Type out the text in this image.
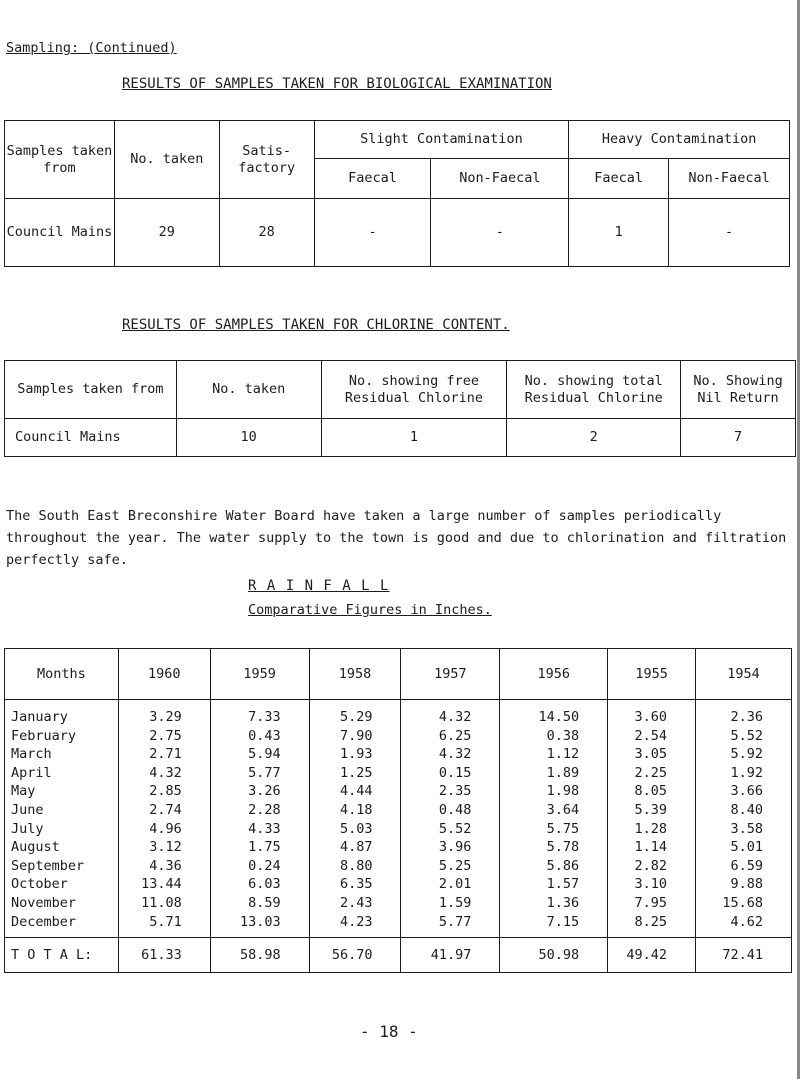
Sampling: (Continued)
RESULTS OF SAMPLES TAKEN FOR BIOLOGICAL EXAMINATION
Samples taken from	No. taken	Satis- factory	Slight Contamination		Heavy Contamination	
			Faecal	Non-Faecal	Faecal	Non-Faecal
Council Mains	29	28	-	-	1	-
RESULTS OF SAMPLES TAKEN FOR CHLORINE CONTENT.
Samples taken from	No. taken	No. showing free Residual Chlorine	No. showing total Residual Chlorine	No. Showing Nil Return
Council Mains	10	1	2	7
The South East Breconshire Water Board have taken a large number of samples periodically throughout the year. The water supply to the town is good and due to chlorination and filtration perfectly safe.
R A I N F A L L
Comparative Figures in Inches.
Months	1960	1959	1958	1957	1956	1955	1954
January	3.29	7.33	5.29	4.32	14.50	3.60	2.36
February	2.75	0.43	7.90	6.25	0.38	2.54	5.52
March	2.71	5.94	1.93	4.32	1.12	3.05	5.92
April	4.32	5.77	1.25	0.15	1.89	2.25	1.92
May	2.85	3.26	4.44	2.35	1.98	8.05	3.66
June	2.74	2.28	4.18	0.48	3.64	5.39	8.40
July	4.96	4.33	5.03	5.52	5.75	1.28	3.58
August	3.12	1.75	4.87	3.96	5.78	1.14	5.01
September	4.36	0.24	8.80	5.25	5.86	2.82	6.59
October	13.44	6.03	6.35	2.01	1.57	3.10	9.88
November	11.08	8.59	2.43	1.59	1.36	7.95	15.68
December	5.71	13.03	4.23	5.77	7.15	8.25	4.62
T O T A L:	61.33	58.98	56.70	41.97	50.98	49.42	72.41
- 18 -
